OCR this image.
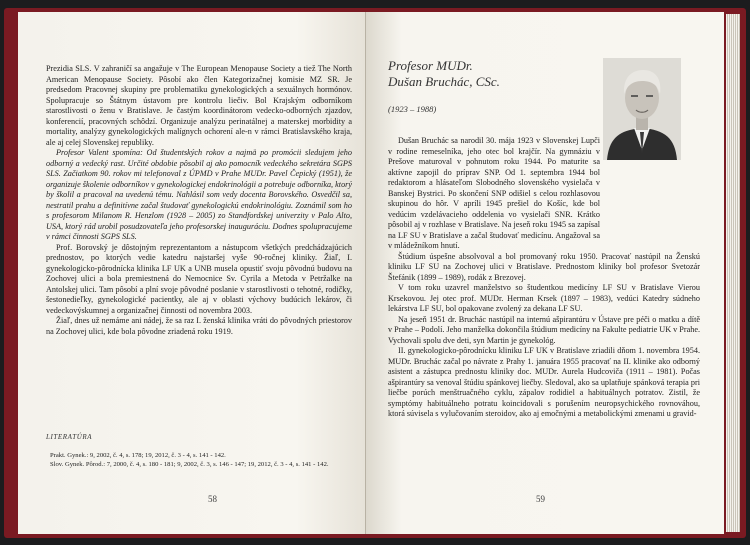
Prezidia SLS. V zahraničí sa angažuje v The European Menopause Society a tiež The North American Menopause Society. Pôsobí ako člen Kategorizačnej komisie MZ SR. Je predsedom Pracovnej skupiny pre problematiku gynekologických a sexuálnych hormónov. Spolupracuje so Štátnym ústavom pre kontrolu liečiv. Bol Krajským odborníkom starostlivosti o ženu v Bratislave. Je častým koordinátorom vedecko-odborných zjazdov, konferencií, pracovných schôdzí. Organizuje analýzu perinatálnej a materskej morbidity a mortality, analýzy gynekologických malígnych ochorení ale-n v rámci Bratislavského kraja, ale aj celej Slovenskej republiky.

Profesor Valent spomína: Od študentských rokov a najmä po promócii sledujem jeho odborný a vedecký rast. Určité obdobie pôsobil aj ako pomocník vedeckého sekretára SGPS SLS. Začiatkom 90. rokov mi telefonoval z ÚPMD v Prahe MUDr. Pavel Čepický (1951), že organizuje školenie odborníkov v gynekologickej endokrinológii a potrebuje odborníka, ktorý by školil a pracoval na uvedenú tému. Nahlásil som vedy docenta Borovského. Osvedčil sa, nestratil prahu a definitívne začal študovať gynekologickú endokrinológiu. Zoznámil som ho s profesorom Milanom R. Henzlom (1928 – 2005) zo Standfordskej univerzity v Palo Alto, USA, ktorý rád urobil posudzovateľa jeho profesorskej inauguráciu. Dodnes spolupracujeme v rámci činnosti SGPS SLS.

Prof. Borovský je dôstojným reprezentantom a nástupcom všetkých predchádzajúcich prednostov, po ktorých vedie katedru najstaršej vyše 90-ročnej kliniky. Žiaľ, I. gynekologicko-pôrodnícka klinika LF UK a UNB musela opustiť svoju pôvodnú budovu na Zochovej ulici a bola premiestnená do Nemocnice Sv. Cyrila a Metoda v Petržalke na Antolskej ulici. Tam pôsobí a plní svoje pôvodné poslanie v starostlivosti o tehotné, rodičky, šestonedieľky, gynekologické pacientky, ale aj v oblasti výchovy budúcich lekárov, či vedeckovýskumnej a organizačnej činnosti od novembra 2003.

Žiaľ, dnes už nemáme ani nádej, že sa raz I. ženská klinika vráti do pôvodných priestorov na Zochovej ulici, kde bola pôvodne zriadená roku 1919.

LITERATÚRA
Prakt. Gynek.: 9, 2002, č. 4, s. 178; 19, 2012, č. 3 - 4, s. 141 - 142.
Slov. Gynek. Pôrod.: 7, 2000, č. 4, s. 180 - 181; 9, 2002, č. 3, s. 146 - 147; 19, 2012, č. 3 - 4, s. 141 - 142.
58
Profesor MUDr.
Dušan Bruchác, CSc.
(1923 – 1988)

Dušan Bruchác sa narodil 30. mája 1923 v Slovenskej Lupči v rodine remeselníka, jeho otec bol krajčír. Na gymnáziu v Prešove maturoval v pohnutom roku 1944. Po maturite sa aktívne zapojil do príprav SNP. Od 1. septembra 1944 bol redaktorom a hlásateľom Slobodného slovenského vysielača v Banskej Bystrici. Po skončení SNP odišiel s celou rozhlasovou skupinou do hôr. V apríli 1945 prešiel do Košíc, kde bol vedúcim vzdelávacieho oddelenia vo vysielači SNR. Krátko pôsobil aj v rozhlase v Bratislave. Na jeseň roku 1945 sa zapísal na LF SU v Bratislave a začal študovať medicínu. Angažoval sa v mládežníkom hnutí.

Štúdium úspešne absolvoval a bol promovaný roku 1950. Pracovať nastúpil na Ženskú kliniku LF SU na Zochovej ulici v Bratislave. Prednostom kliniky bol profesor Svetozár Štefánik (1899 – 1989), rodák z Brezovej.

V tom roku uzavrel manželstvo so študentkou medicíny LF SU v Bratislave Vierou Krsekovou. Jej otec prof. MUDr. Herman Krsek (1897 – 1983), vedúci Katedry súdneho lekárstva LF SU, bol opakovane zvolený za dekana LF SU.

Na jeseň 1951 dr. Bruchác nastúpil na internú ašpirantúru v Ústave pre péči o matku a dítě v Prahe – Podolí. Jeho manželka dokončila štúdium medicíny na Fakulte pediatrie UK v Prahe. Vychovali spolu dve deti, syn Martin je gynekológ.

II. gynekologicko-pôrodnícku kliniku LF UK v Bratislave zriadili dňom 1. novembra 1954. MUDr. Bruchác začal po návrate z Prahy 1. januára 1955 pracovať na II. klinike ako odborný asistent a zástupca prednostu kliniky doc. MUDr. Aurela Hudcoviča (1911 – 1981). Počas ašpirantúry sa venoval štúdiu spánkovej liečby. Sledoval, ako sa uplatňuje spánková terapia pri liečbe porúch menštruačného cyklu, zápalov rodidiel a habituálnych potratov. Zistil, že symptómy habituálneho potratu koincidovali s porušením neuropsychického rovnováhou, ktorá súvisela s vylučovaním steroidov, ako aj emočnými a metabolickými zmenami u gravid-

59
